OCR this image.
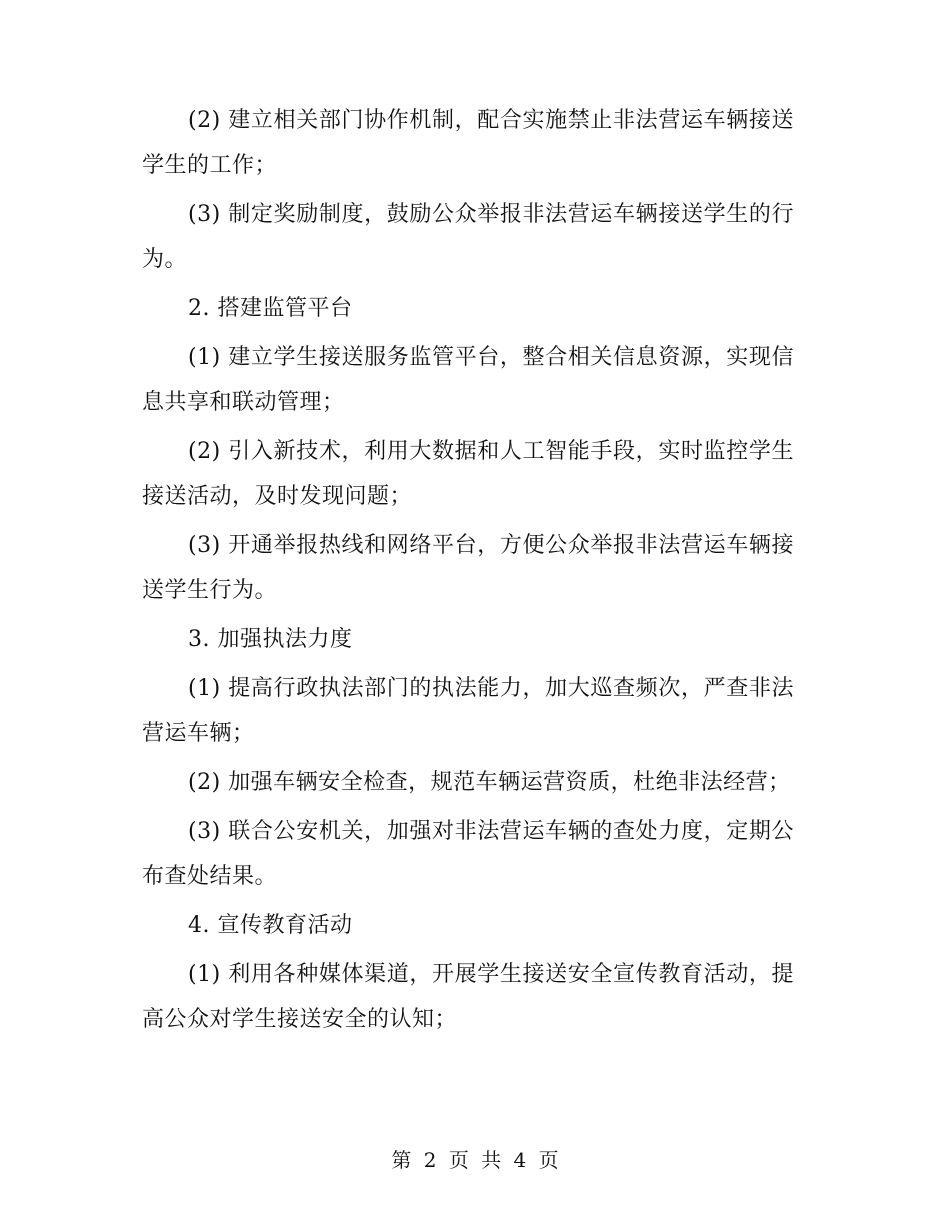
(2) 建立相关部门协作机制，配合实施禁止非法营运车辆接送学生的工作；

(3) 制定奖励制度，鼓励公众举报非法营运车辆接送学生的行为。

2. 搭建监管平台

(1) 建立学生接送服务监管平台，整合相关信息资源，实现信息共享和联动管理；

(2) 引入新技术，利用大数据和人工智能手段，实时监控学生接送活动，及时发现问题；

(3) 开通举报热线和网络平台，方便公众举报非法营运车辆接送学生行为。

3. 加强执法力度

(1) 提高行政执法部门的执法能力，加大巡查频次，严查非法营运车辆；

(2) 加强车辆安全检查，规范车辆运营资质，杜绝非法经营；

(3) 联合公安机关，加强对非法营运车辆的查处力度，定期公布查处结果。

4. 宣传教育活动

(1) 利用各种媒体渠道，开展学生接送安全宣传教育活动，提高公众对学生接送安全的认知；

第 2 页 共 4 页
